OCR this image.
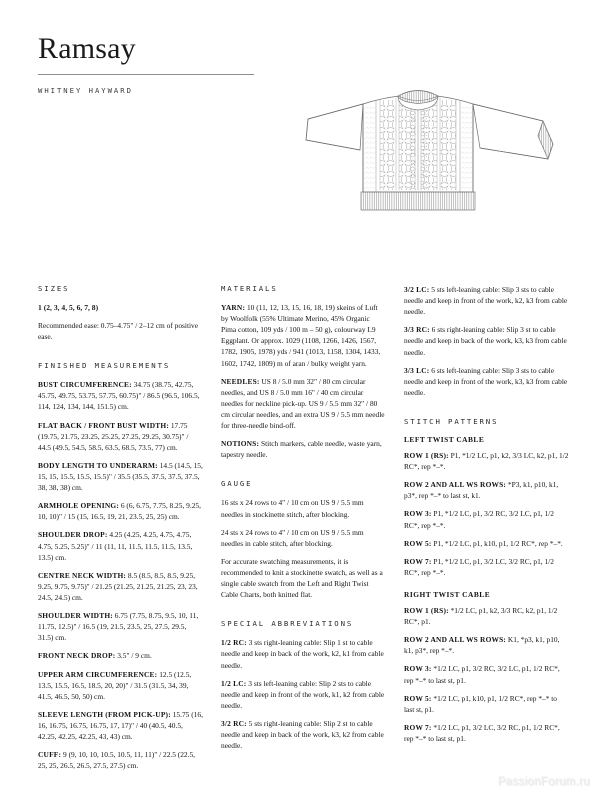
Ramsay
WHITNEY HAYWARD
SIZES

1 (2, 3, 4, 5, 6, 7, 8)

Recommended ease: 0.75–4.75" / 2–12 cm of positive ease.

FINISHED MEASUREMENTS

BUST CIRCUMFERENCE: 34.75 (38.75, 42.75, 45.75, 49.75, 53.75, 57.75, 60.75)" / 86.5 (96.5, 106.5, 114, 124, 134, 144, 151.5) cm.

FLAT BACK / FRONT BUST WIDTH: 17.75 (19.75, 21.75, 23.25, 25.25, 27.25, 29.25, 30.75)" / 44.5 (49.5, 54.5, 58.5, 63.5, 68.5, 73.5, 77) cm.

BODY LENGTH TO UNDERARM: 14.5 (14.5, 15, 15, 15, 15.5, 15.5, 15.5)" / 35.5 (35.5, 37.5, 37.5, 37.5, 38, 38, 38) cm.

ARMHOLE OPENING: 6 (6, 6.75, 7.75, 8.25, 9.25, 10, 10)" / 15 (15, 16.5, 19, 21, 23.5, 25, 25) cm.

SHOULDER DROP: 4.25 (4.25, 4.25, 4.75, 4.75, 4.75, 5.25, 5.25)" / 11 (11, 11, 11.5, 11.5, 11.5, 13.5, 13.5) cm.

CENTRE NECK WIDTH: 8.5 (8.5, 8.5, 8.5, 9.25, 9.25, 9.75, 9.75)" / 21.25 (21.25, 21.25, 21.25, 23, 23, 24.5, 24.5) cm.

SHOULDER WIDTH: 6.75 (7.75, 8.75, 9.5, 10, 11, 11.75, 12.5)" / 16.5 (19, 21.5, 23.5, 25, 27.5, 29.5, 31.5) cm.

FRONT NECK DROP: 3.5" / 9 cm.

UPPER ARM CIRCUMFERENCE: 12.5 (12.5, 13.5, 15.5, 16.5, 18.5, 20, 20)" / 31.5 (31.5, 34, 39, 41.5, 46.5, 50, 50) cm.

SLEEVE LENGTH (FROM PICK-UP): 15.75 (16, 16, 16.75, 16.75, 16.75, 17, 17)" / 40 (40.5, 40.5, 42.25, 42.25, 42.25, 43, 43) cm.

CUFF: 9 (9, 10, 10, 10.5, 10.5, 11, 11)" / 22.5 (22.5, 25, 25, 26.5, 26.5, 27.5, 27.5) cm.

MATERIALS

YARN: 10 (11, 12, 13, 15, 16, 18, 19) skeins of Luft by Woolfolk (55% Ultimate Merino, 45% Organic Pima cotton, 109 yds / 100 m – 50 g), colourway L9 Eggplant. Or approx. 1029 (1108, 1266, 1426, 1567, 1782, 1905, 1978) yds / 941 (1013, 1158, 1304, 1433, 1602, 1742, 1809) m of aran / bulky weight yarn.

NEEDLES: US 8 / 5.0 mm 32" / 80 cm circular needles, and US 8 / 5.0 mm 16" / 40 cm circular needles for neckline pick-up. US 9 / 5.5 mm 32" / 80 cm circular needles, and an extra US 9 / 5.5 mm needle for three-needle bind-off.

NOTIONS: Stitch markers, cable needle, waste yarn, tapestry needle.

GAUGE

16 sts x 24 rows to 4" / 10 cm on US 9 / 5.5 mm needles in stockinette stitch, after blocking.

24 sts x 24 rows to 4" / 10 cm on US 9 / 5.5 mm needles in cable stitch, after blocking.

For accurate swatching measurements, it is recommended to knit a stockinette swatch, as well as a single cable swatch from the Left and Right Twist Cable Charts, both knitted flat.

SPECIAL ABBREVIATIONS

1/2 RC: 3 sts right-leaning cable: Slip 1 st to cable needle and keep in back of the work, k2, k1 from cable needle.

1/2 LC: 3 sts left-leaning cable: Slip 2 sts to cable needle and keep in front of the work, k1, k2 from cable needle.

3/2 RC: 5 sts right-leaning cable: Slip 2 st to cable needle and keep in back of the work, k3, k2 from cable needle.

3/2 LC: 5 sts left-leaning cable: Slip 3 sts to cable needle and keep in front of the work, k2, k3 from cable needle.

3/3 RC: 6 sts right-leaning cable: Slip 3 st to cable needle and keep in back of the work, k3, k3 from cable needle.

3/3 LC: 6 sts left-leaning cable: Slip 3 sts to cable needle and keep in front of the work, k3, k3 from cable needle.

STITCH PATTERNS
LEFT TWIST CABLE

ROW 1 (RS): P1, *1/2 LC, p1, k2, 3/3 LC, k2, p1, 1/2 RC*, rep *–*.

ROW 2 AND ALL WS ROWS: *P3, k1, p10, k1, p3*, rep *–* to last st, k1.

ROW 3: P1, *1/2 LC, p1, 3/2 RC, 3/2 LC, p1, 1/2 RC*, rep *–*.

ROW 5: P1, *1/2 LC, p1, k10, p1, 1/2 RC*, rep *–*.

ROW 7: P1, *1/2 LC, p1, 3/2 LC, 3/2 RC, p1, 1/2 RC*, rep *–*.

RIGHT TWIST CABLE

ROW 1 (RS): *1/2 LC, p1, k2, 3/3 RC, k2, p1, 1/2 RC*, p1.

ROW 2 AND ALL WS ROWS: K1, *p3, k1, p10, k1, p3*, rep *–*.

ROW 3: *1/2 LC, p1, 3/2 RC, 3/2 LC, p1, 1/2 RC*, rep *–* to last st, p1.

ROW 5: *1/2 LC, p1, k10, p1, 1/2 RC*, rep *–* to last st, p1.

ROW 7: *1/2 LC, p1, 3/2 LC, 3/2 RC, p1, 1/2 RC*, rep *–* to last st, p1.

PassionForum.ru
